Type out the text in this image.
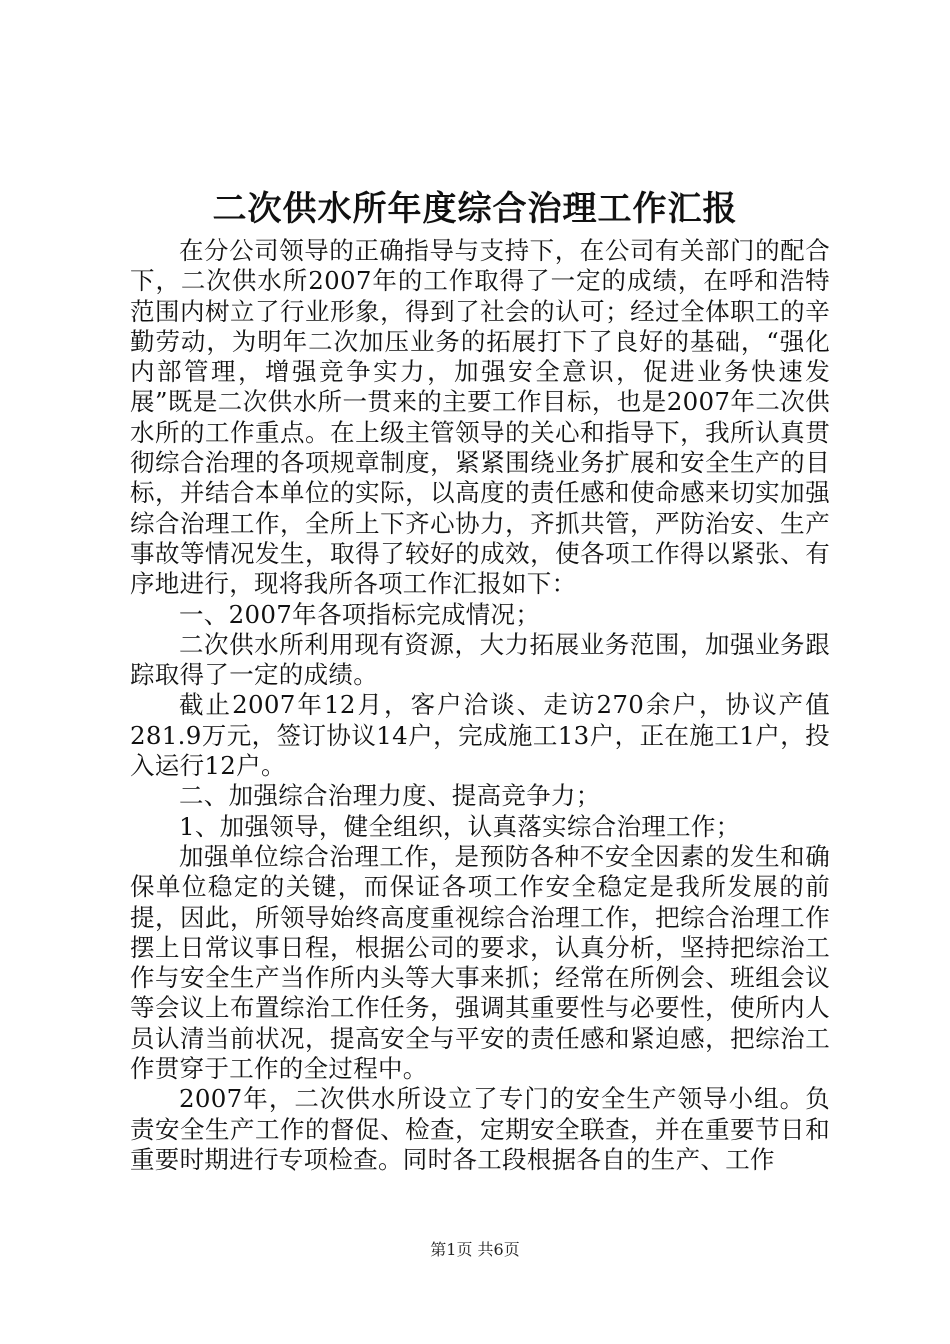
二次供水所年度综合治理工作汇报

在分公司领导的正确指导与支持下，在公司有关部门的配合下，二次供水所2007年的工作取得了一定的成绩，在呼和浩特范围内树立了行业形象，得到了社会的认可；经过全体职工的辛勤劳动，为明年二次加压业务的拓展打下了良好的基础，“强化内部管理，增强竞争实力，加强安全意识，促进业务快速发展”既是二次供水所一贯来的主要工作目标，也是2007年二次供水所的工作重点。在上级主管领导的关心和指导下，我所认真贯彻综合治理的各项规章制度，紧紧围绕业务扩展和安全生产的目标，并结合本单位的实际，以高度的责任感和使命感来切实加强综合治理工作，全所上下齐心协力，齐抓共管，严防治安、生产事故等情况发生，取得了较好的成效，使各项工作得以紧张、有序地进行，现将我所各项工作汇报如下：

一、2007年各项指标完成情况；

二次供水所利用现有资源，大力拓展业务范围，加强业务跟踪取得了一定的成绩。

截止2007年12月，客户洽谈、走访270余户，协议产值281.9万元，签订协议14户，完成施工13户，正在施工1户，投入运行12户。

二、加强综合治理力度、提高竞争力；

1、加强领导，健全组织，认真落实综合治理工作；

加强单位综合治理工作，是预防各种不安全因素的发生和确保单位稳定的关键，而保证各项工作安全稳定是我所发展的前提，因此，所领导始终高度重视综合治理工作，把综合治理工作摆上日常议事日程，根据公司的要求，认真分析，坚持把综治工作与安全生产当作所内头等大事来抓；经常在所例会、班组会议等会议上布置综治工作任务，强调其重要性与必要性，使所内人员认清当前状况，提高安全与平安的责任感和紧迫感，把综治工作贯穿于工作的全过程中。

2007年，二次供水所设立了专门的安全生产领导小组。负责安全生产工作的督促、检查，定期安全联查，并在重要节日和重要时期进行专项检查。同时各工段根据各自的生产、工作

第1页 共6页
